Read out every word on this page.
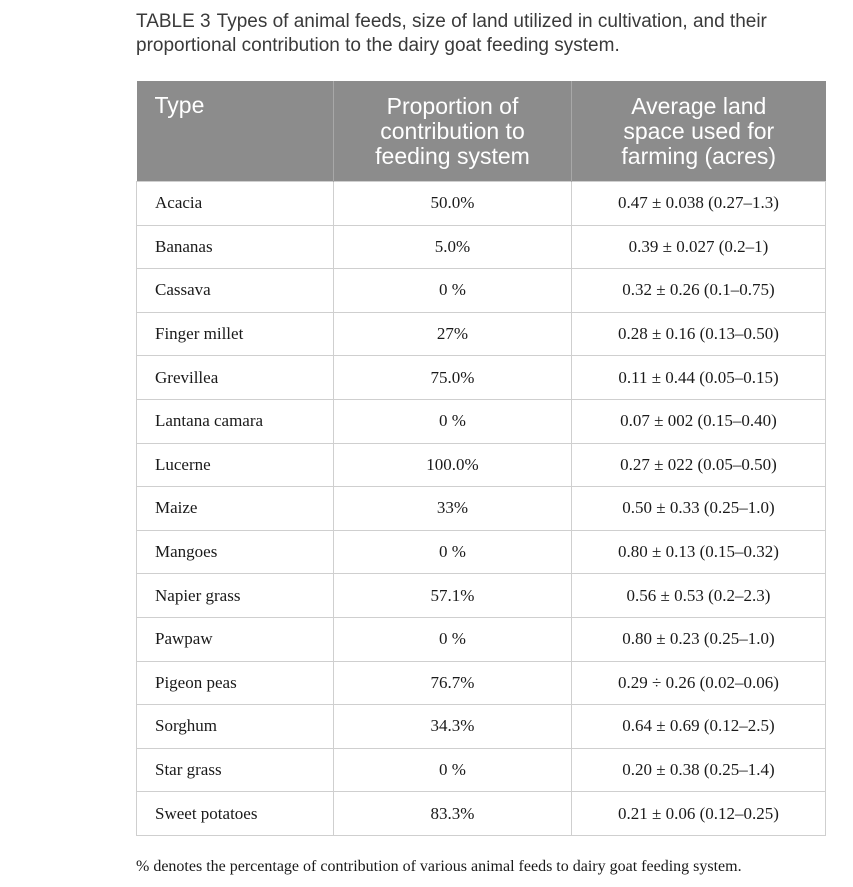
TABLE 3 Types of animal feeds, size of land utilized in cultivation, and their proportional contribution to the dairy goat feeding system.
Type	Proportion of contribution to feeding system	Average land space used for farming (acres)
Acacia	50.0%	0.47 ± 0.038 (0.27–1.3)
Bananas	5.0%	0.39 ± 0.027 (0.2–1)
Cassava	0 %	0.32 ± 0.26 (0.1–0.75)
Finger millet	27%	0.28 ± 0.16 (0.13–0.50)
Grevillea	75.0%	0.11 ± 0.44 (0.05–0.15)
Lantana camara	0 %	0.07 ± 002 (0.15–0.40)
Lucerne	100.0%	0.27 ± 022 (0.05–0.50)
Maize	33%	0.50 ± 0.33 (0.25–1.0)
Mangoes	0 %	0.80 ± 0.13 (0.15–0.32)
Napier grass	57.1%	0.56 ± 0.53 (0.2–2.3)
Pawpaw	0 %	0.80 ± 0.23 (0.25–1.0)
Pigeon peas	76.7%	0.29 ÷ 0.26 (0.02–0.06)
Sorghum	34.3%	0.64 ± 0.69 (0.12–2.5)
Star grass	0 %	0.20 ± 0.38 (0.25–1.4)
Sweet potatoes	83.3%	0.21 ± 0.06 (0.12–0.25)
% denotes the percentage of contribution of various animal feeds to dairy goat feeding system.
